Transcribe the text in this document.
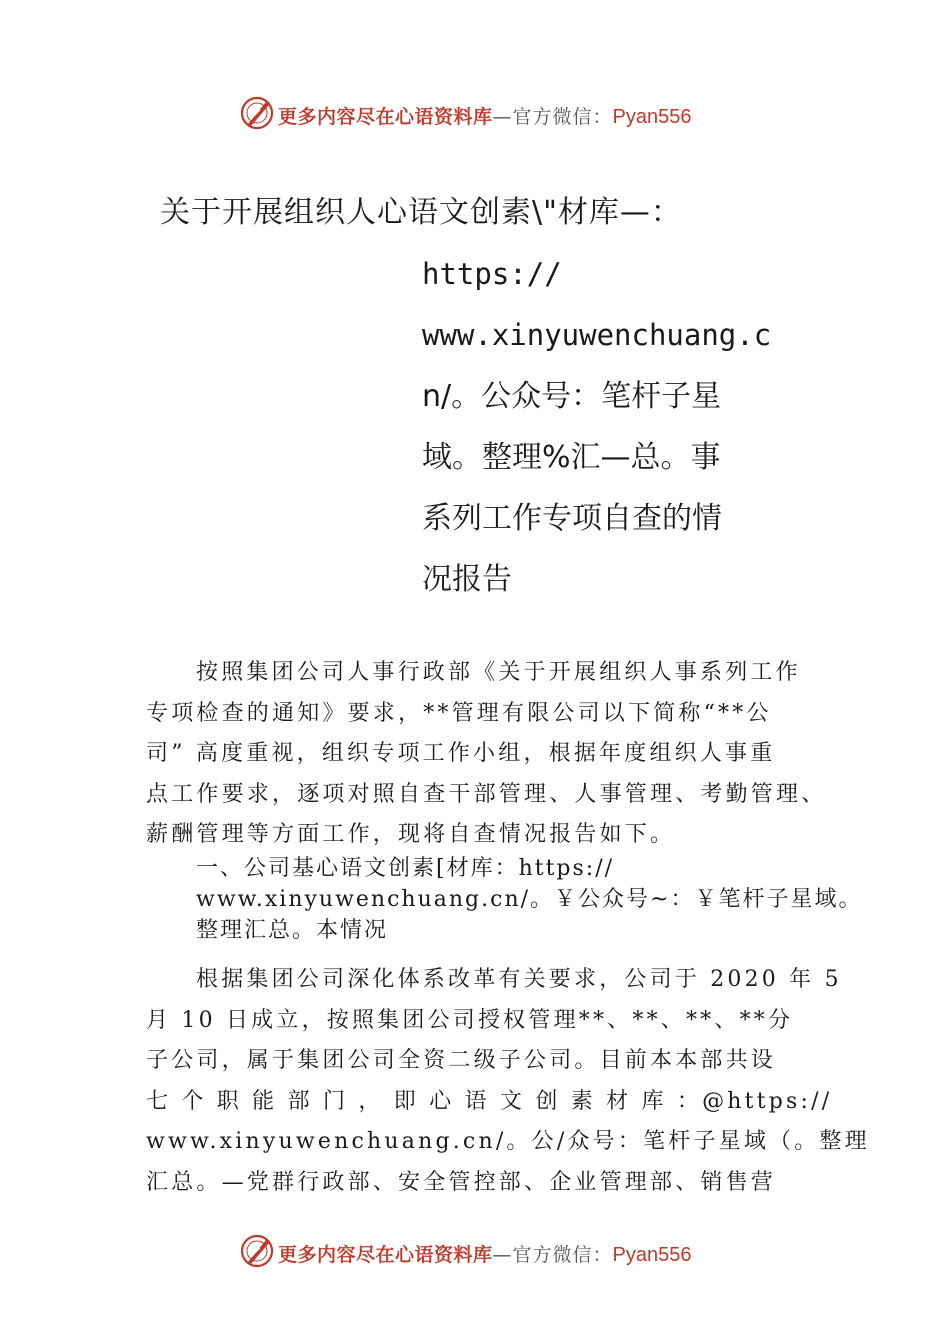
更多内容尽在心语资料库—官方微信：Pyan556
关于开展组织人心语文创素\"材库—：
https://
www.xinyuwenchuang.c
n/。公众号：笔杆子星
域。整理%汇—总。事
系列工作专项自查的情
况报告
按照集团公司人事行政部《关于开展组织人事系列工作
专项检查的通知》要求，**管理有限公司以下简称“**公
司” 高度重视，组织专项工作小组，根据年度组织人事重
点工作要求，逐项对照自查干部管理、人事管理、考勤管理、
薪酬管理等方面工作，现将自查情况报告如下。
一、公司基心语文创素[材库：https://
www.xinyuwenchuang.cn/。￥公众号~：￥笔杆子星域。
整理汇总。本情况
根据集团公司深化体系改革有关要求，公司于 2020 年 5
月 10 日成立，按照集团公司授权管理**、**、**、**分
子公司，属于集团公司全资二级子公司。目前本本部共设
七 个 职 能 部 门 ， 即 心 语 文 创 素 材 库 ：@https://
www.xinyuwenchuang.cn/。公/众号：笔杆子星域（。整理
汇总。—党群行政部、安全管控部、企业管理部、销售营
更多内容尽在心语资料库—官方微信：Pyan556
